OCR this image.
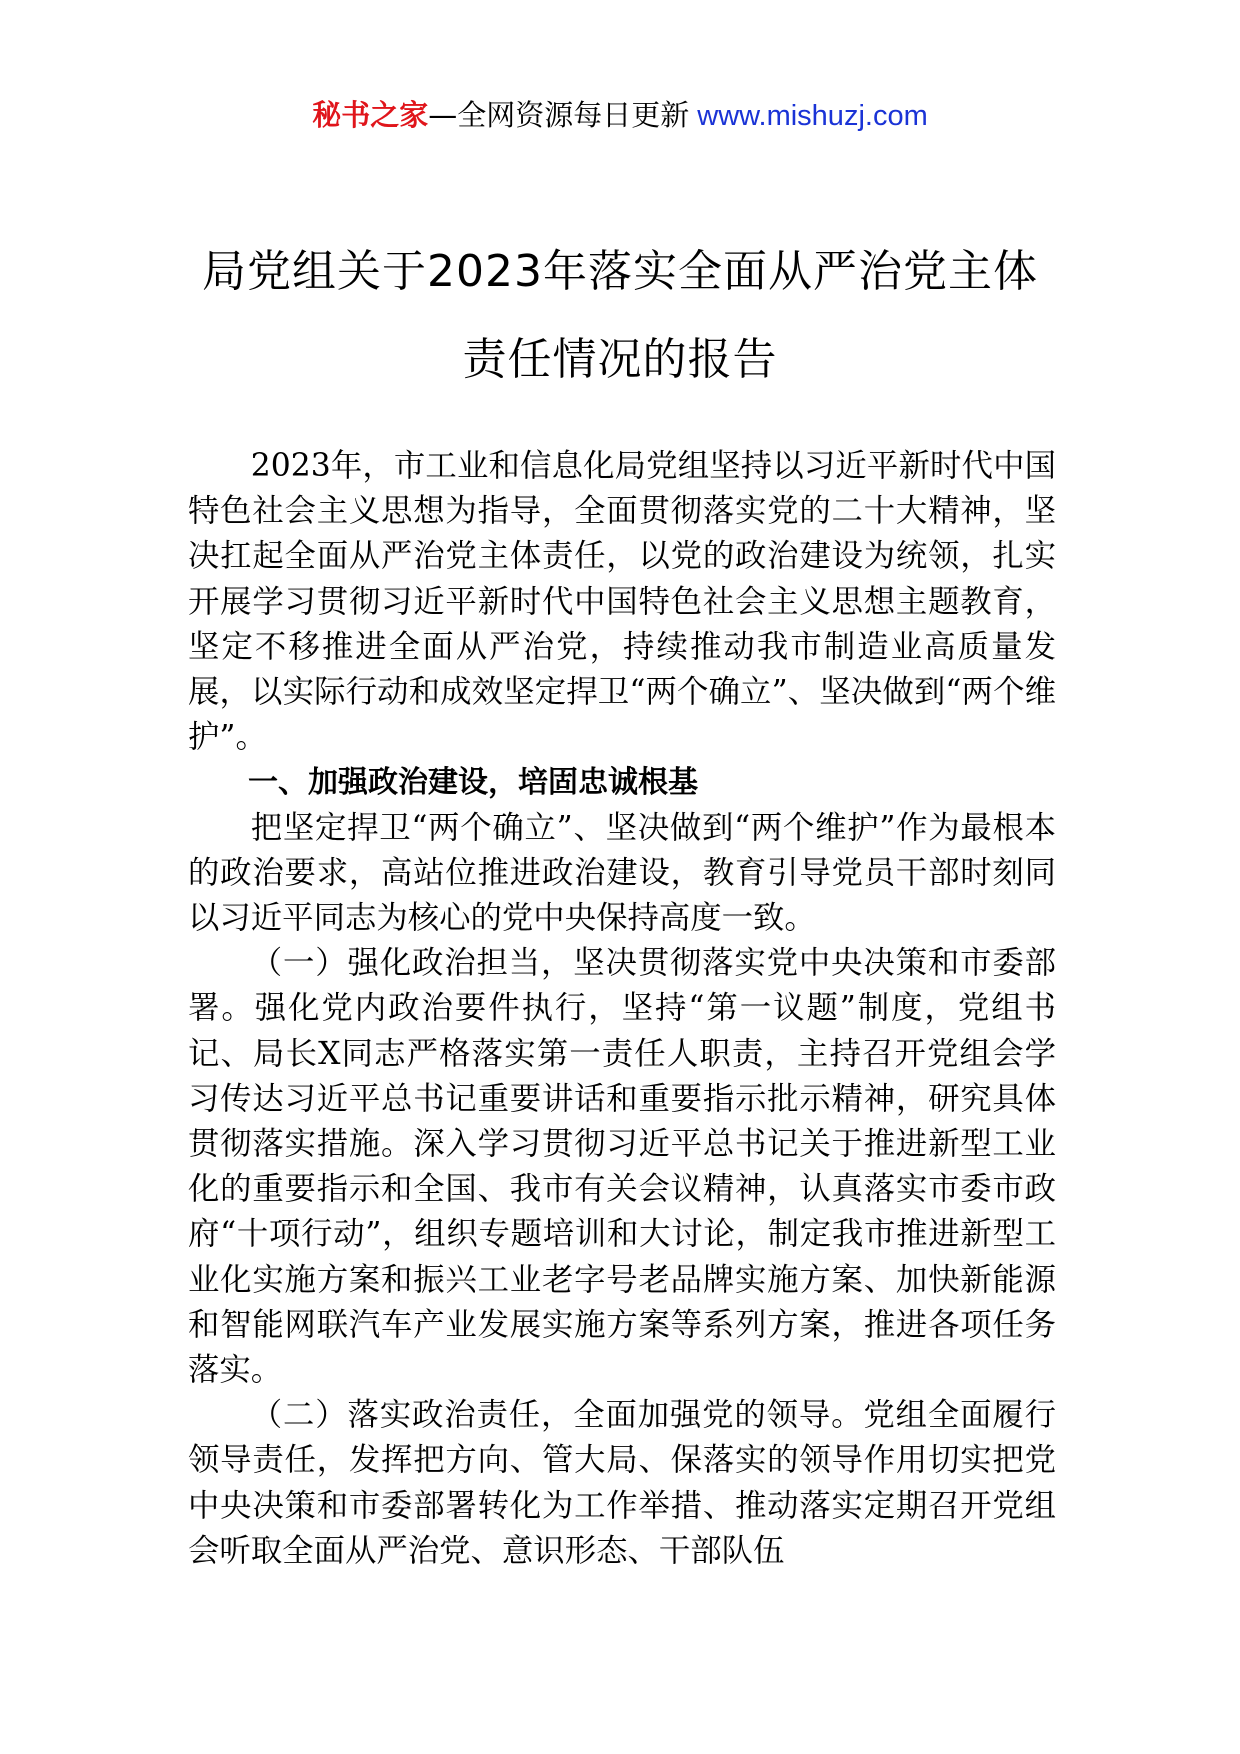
秘书之家—全网资源每日更新 www.mishuzj.com
局党组关于2023年落实全面从严治党主体
责任情况的报告

2023年，市工业和信息化局党组坚持以习近平新时代中国特色社会主义思想为指导，全面贯彻落实党的二十大精神，坚决扛起全面从严治党主体责任，以党的政治建设为统领，扎实开展学习贯彻习近平新时代中国特色社会主义思想主题教育，坚定不移推进全面从严治党，持续推动我市制造业高质量发展，以实际行动和成效坚定捍卫“两个确立”、坚决做到“两个维护”。

一、加强政治建设，培固忠诚根基

把坚定捍卫“两个确立”、坚决做到“两个维护”作为最根本的政治要求，高站位推进政治建设，教育引导党员干部时刻同以习近平同志为核心的党中央保持高度一致。

（一）强化政治担当，坚决贯彻落实党中央决策和市委部署。强化党内政治要件执行，坚持“第一议题”制度，党组书记、局长X同志严格落实第一责任人职责，主持召开党组会学习传达习近平总书记重要讲话和重要指示批示精神，研究具体贯彻落实措施。深入学习贯彻习近平总书记关于推进新型工业化的重要指示和全国、我市有关会议精神，认真落实市委市政府“十项行动”，组织专题培训和大讨论，制定我市推进新型工业化实施方案和振兴工业老字号老品牌实施方案、加快新能源和智能网联汽车产业发展实施方案等系列方案，推进各项任务落实。

（二）落实政治责任，全面加强党的领导。党组全面履行领导责任，发挥把方向、管大局、保落实的领导作用切实把党中央决策和市委部署转化为工作举措、推动落实定期召开党组会听取全面从严治党、意识形态、干部队伍
